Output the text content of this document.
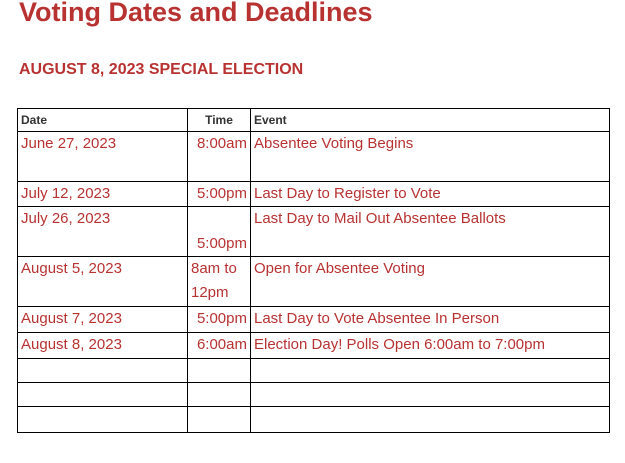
Voting Dates and Deadlines
AUGUST 8, 2023 SPECIAL ELECTION
Date	Time	Event
June 27, 2023	8:00am	Absentee Voting Begins
July 12, 2023	5:00pm	Last Day to Register to Vote
July 26, 2023	5:00pm	Last Day to Mail Out Absentee Ballots
August 5, 2023	8am to 12pm	Open for Absentee Voting
August 7, 2023	5:00pm	Last Day to Vote Absentee In Person
August 8, 2023	6:00am	Election Day! Polls Open 6:00am to 7:00pm
